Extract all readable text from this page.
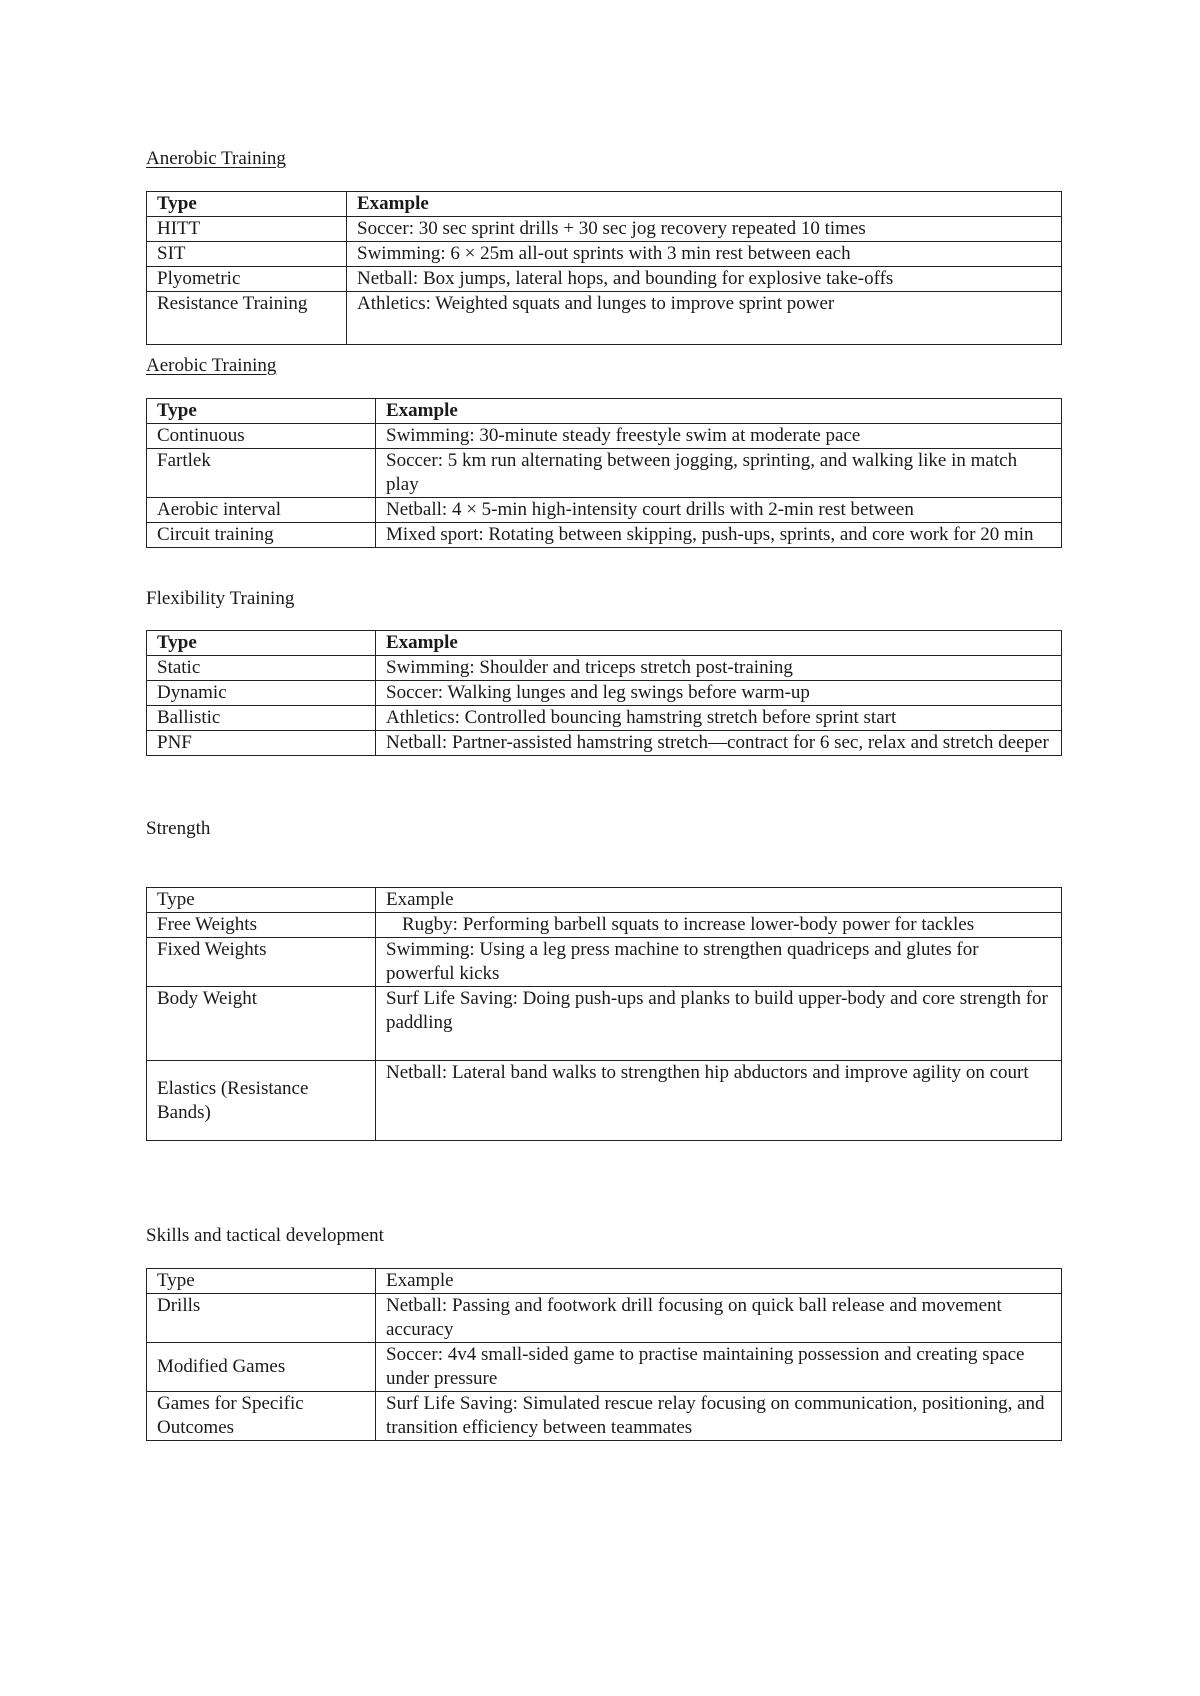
Anerobic Training

Type	Example
HITT	Soccer: 30 sec sprint drills + 30 sec jog recovery repeated 10 times
SIT	Swimming: 6 × 25m all-out sprints with 3 min rest between each
Plyometric	Netball: Box jumps, lateral hops, and bounding for explosive take-offs
Resistance Training	Athletics: Weighted squats and lunges to improve sprint power

Aerobic Training

Type	Example
Continuous	Swimming: 30-minute steady freestyle swim at moderate pace
Fartlek	Soccer: 5 km run alternating between jogging, sprinting, and walking like in match play
Aerobic interval	Netball: 4 × 5-min high-intensity court drills with 2-min rest between
Circuit training	Mixed sport: Rotating between skipping, push-ups, sprints, and core work for 20 min

Flexibility Training

Type	Example
Static	Swimming: Shoulder and triceps stretch post-training
Dynamic	Soccer: Walking lunges and leg swings before warm-up
Ballistic	Athletics: Controlled bouncing hamstring stretch before sprint start
PNF	Netball: Partner-assisted hamstring stretch—contract for 6 sec, relax and stretch deeper

Strength

Type	Example
Free Weights	Rugby: Performing barbell squats to increase lower-body power for tackles
Fixed Weights	Swimming: Using a leg press machine to strengthen quadriceps and glutes for powerful kicks
Body Weight	Surf Life Saving: Doing push-ups and planks to build upper-body and core strength for paddling
Elastics (Resistance Bands)	Netball: Lateral band walks to strengthen hip abductors and improve agility on court

Skills and tactical development

Type	Example
Drills	Netball: Passing and footwork drill focusing on quick ball release and movement accuracy
Modified Games	Soccer: 4v4 small-sided game to practise maintaining possession and creating space under pressure
Games for Specific Outcomes	Surf Life Saving: Simulated rescue relay focusing on communication, positioning, and transition efficiency between teammates
